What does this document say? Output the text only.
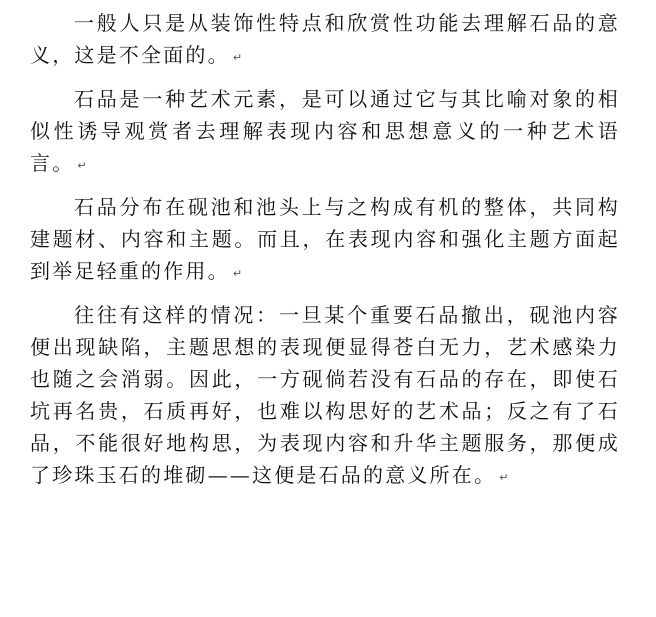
一般人只是从装饰性特点和欣赏性功能去理解石品的意义，这是不全面的。 ↵

石品是一种艺术元素，是可以通过它与其比喻对象的相似性诱导观赏者去理解表现内容和思想意义的一种艺术语言。 ↵

石品分布在砚池和池头上与之构成有机的整体，共同构建题材、内容和主题。而且，在表现内容和强化主题方面起到举足轻重的作用。 ↵

往往有这样的情况：一旦某个重要石品撤出，砚池内容便出现缺陷，主题思想的表现便显得苍白无力，艺术感染力也随之会消弱。因此，一方砚倘若没有石品的存在，即使石坑再名贵，石质再好，也难以构思好的艺术品；反之有了石品，不能很好地构思，为表现内容和升华主题服务，那便成了珍珠玉石的堆砌——这便是石品的意义所在。 ↵
